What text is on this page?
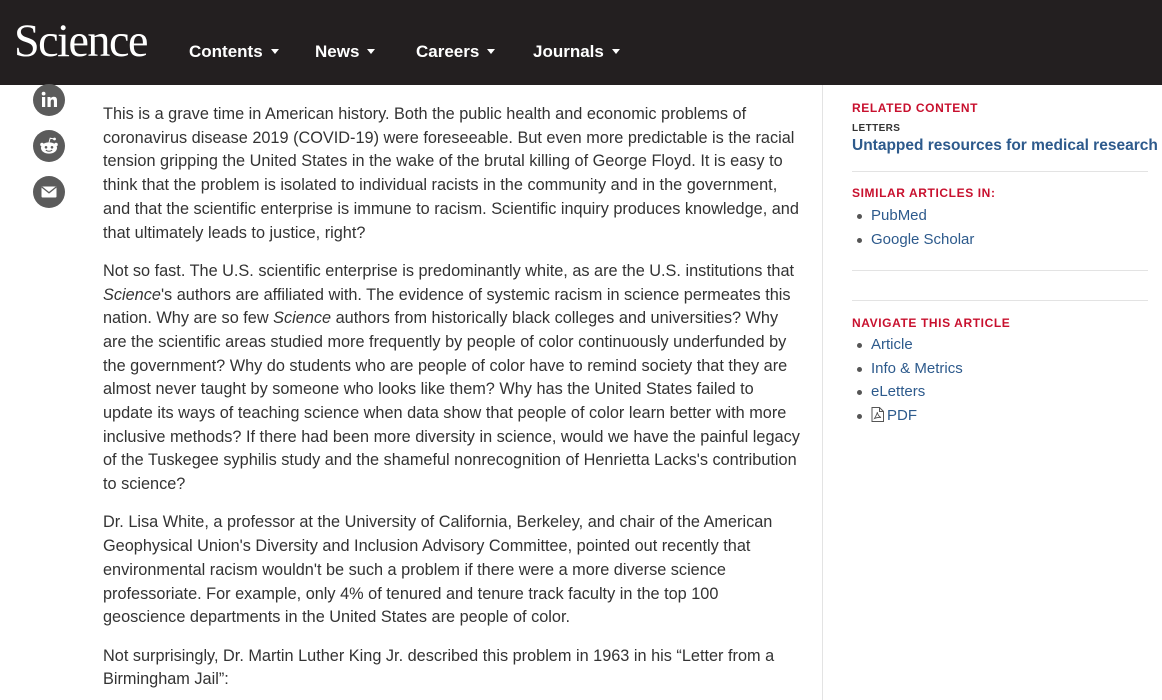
Science Contents	News	Careers	Journals

This is a grave time in American history. Both the public health and economic problems of coronavirus disease 2019 (COVID-19) were foreseeable. But even more predictable is the racial tension gripping the United States in the wake of the brutal killing of George Floyd. It is easy to think that the problem is isolated to individual racists in the community and in the government, and that the scientific enterprise is immune to racism. Scientific inquiry produces knowledge, and that ultimately leads to justice, right?

Not so fast. The U.S. scientific enterprise is predominantly white, as are the U.S. institutions that Science's authors are affiliated with. The evidence of systemic racism in science permeates this nation. Why are so few Science authors from historically black colleges and universities? Why are the scientific areas studied more frequently by people of color continuously underfunded by the government? Why do students who are people of color have to remind society that they are almost never taught by someone who looks like them? Why has the United States failed to update its ways of teaching science when data show that people of color learn better with more inclusive methods? If there had been more diversity in science, would we have the painful legacy of the Tuskegee syphilis study and the shameful nonrecognition of Henrietta Lacks's contribution to science?

Dr. Lisa White, a professor at the University of California, Berkeley, and chair of the American Geophysical Union's Diversity and Inclusion Advisory Committee, pointed out recently that environmental racism wouldn't be such a problem if there were a more diverse science professoriate. For example, only 4% of tenured and tenure track faculty in the top 100 geoscience departments in the United States are people of color.

Not surprisingly, Dr. Martin Luther King Jr. described this problem in 1963 in his “Letter from a Birmingham Jail”:

RELATED CONTENT
LETTERS
Untapped resources for medical research
SIMILAR ARTICLES IN:
PubMed
Google Scholar
NAVIGATE THIS ARTICLE
Article
Info & Metrics
eLetters
PDF
